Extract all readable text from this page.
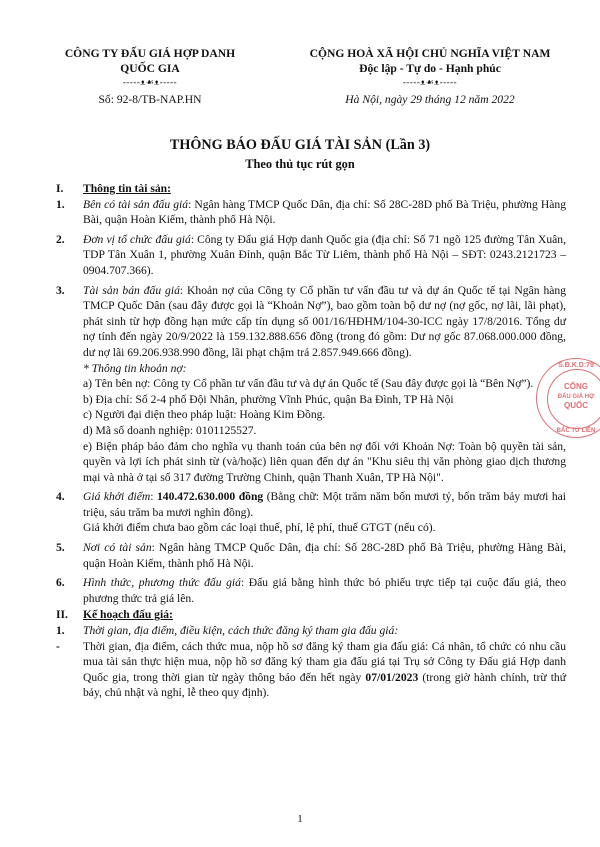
CÔNG TY ĐẤU GIÁ HỢP DANH
QUỐC GIA
-----ᴥ☙ᴥ-----
Số: 92-8/TB-NAP.HN
CỘNG HOÀ XÃ HỘI CHỦ NGHĨA VIỆT NAM
Độc lập - Tự do - Hạnh phúc
-----ᴥ☙ᴥ-----
Hà Nội, ngày 29 tháng 12 năm 2022
THÔNG BÁO ĐẤU GIÁ TÀI SẢN (Lần 3)
Theo thủ tục rút gọn
I.	Thông tin tài sản:
1.	Bên có tài sản đấu giá: Ngân hàng TMCP Quốc Dân, địa chỉ: Số 28C-28D phố Bà Triệu, phường Hàng Bài, quận Hoàn Kiếm, thành phố Hà Nội.
2.	Đơn vị tổ chức đấu giá: Công ty Đấu giá Hợp danh Quốc gia (địa chỉ: Số 71 ngõ 125 đường Tân Xuân, TDP Tân Xuân 1, phường Xuân Đỉnh, quận Bắc Từ Liêm, thành phố Hà Nội – SĐT: 0243.2121723 – 0904.707.366).
3.	Tài sản bán đấu giá: Khoản nợ của Công ty Cổ phần tư vấn đầu tư và dự án Quốc tế tại Ngân hàng TMCP Quốc Dân (sau đây được gọi là “Khoản Nợ”), bao gồm toàn bộ dư nợ (nợ gốc, nợ lãi, lãi phạt), phát sinh từ hợp đồng hạn mức cấp tín dụng số 001/16/HĐHM/104-30-ICC ngày 17/8/2016. Tổng dư nợ tính đến ngày 20/9/2022 là 159.132.888.656 đồng (trong đó gồm: Dư nợ gốc 87.068.000.000 đồng, dư nợ lãi 69.206.938.990 đồng, lãi phạt chậm trả 2.857.949.666 đồng).
* Thông tin khoản nợ:
a) Tên bên nợ: Công ty Cổ phần tư vấn đầu tư và dự án Quốc tế (Sau đây được gọi là “Bên Nợ”).
b) Địa chỉ: Số 2-4 phố Đội Nhân, phường Vĩnh Phúc, quận Ba Đình, TP Hà Nội
c) Người đại diện theo pháp luật: Hoàng Kim Đồng.
d) Mã số doanh nghiệp: 0101125527.
e) Biện pháp bảo đảm cho nghĩa vụ thanh toán của bên nợ đối với Khoản Nợ: Toàn bộ quyền tài sản, quyền và lợi ích phát sinh từ (và/hoặc) liên quan đến dự án "Khu siêu thị văn phòng giao dịch thương mại và nhà ở tại số 317 đường Trường Chinh, quận Thanh Xuân, TP Hà Nội".
4.	Giá khởi điểm: 140.472.630.000 đồng (Bằng chữ: Một trăm năm bốn mươi tỷ, bốn trăm bảy mươi hai triệu, sáu trăm ba mươi nghìn đồng).
Giá khởi điểm chưa bao gồm các loại thuế, phí, lệ phí, thuế GTGT (nếu có).
5.	Nơi có tài sản: Ngân hàng TMCP Quốc Dân, địa chỉ: Số 28C-28D phố Bà Triệu, phường Hàng Bài, quận Hoàn Kiếm, thành phố Hà Nội.
6.	Hình thức, phương thức đấu giá: Đấu giá bằng hình thức bỏ phiếu trực tiếp tại cuộc đấu giá, theo phương thức trả giá lên.
II.	Kế hoạch đấu giá:
1.	Thời gian, địa điểm, điều kiện, cách thức đăng ký tham gia đấu giá:
-	Thời gian, địa điểm, cách thức mua, nộp hồ sơ đăng ký tham gia đấu giá: Cá nhân, tổ chức có nhu cầu mua tài sản thực hiện mua, nộp hồ sơ đăng ký tham gia đấu giá tại Trụ sở Công ty Đấu giá Hợp danh Quốc gia, trong thời gian từ ngày thông báo đến hết ngày 07/01/2023 (trong giờ hành chính, trừ thứ bảy, chủ nhật và nghỉ, lễ theo quy định).
S.Đ.K.D:79
CÔNG
ĐẤU GIÁ HỢ
QUỐC
BẮC TỪ LIÊN
1
